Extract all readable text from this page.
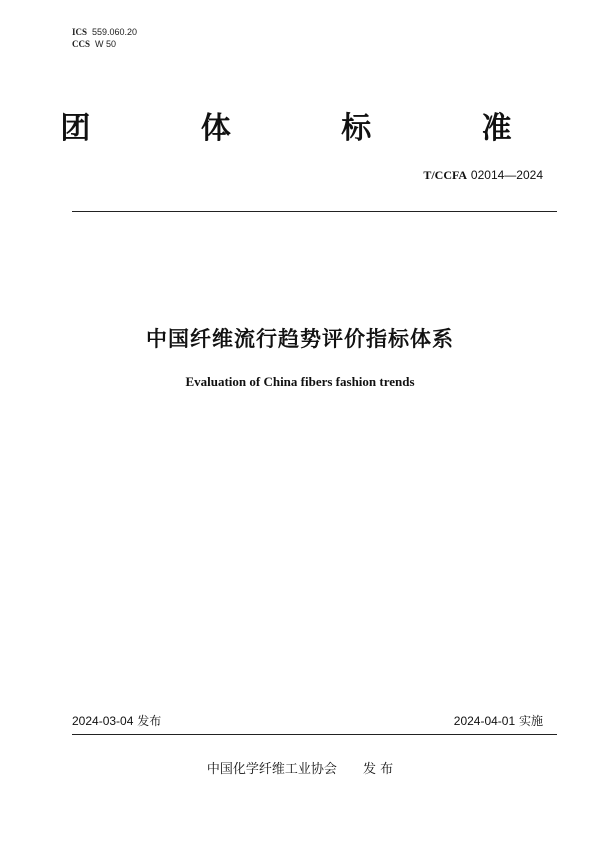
ICS 559.060.20
CCS W 50
团 体 标 准
T/CCFA 02014—2024
中国纤维流行趋势评价指标体系
Evaluation of China fibers fashion trends
2024-03-04 发布	2024-04-01 实施
中国化学纤维工业协会 发 布
